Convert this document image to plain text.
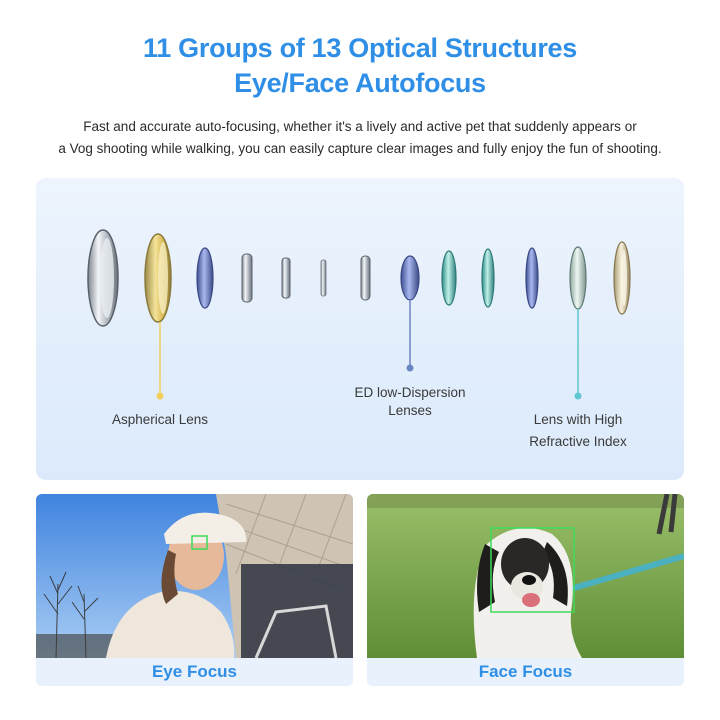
11 Groups of 13 Optical Structures
Eye/Face Autofocus
Fast and accurate auto-focusing, whether it's a lively and active pet that suddenly appears or
a Vog shooting while walking, you can easily capture clear images and fully enjoy the fun of shooting.
Aspherical Lens
ED low-Dispersion
Lenses
Lens with High
Refractive Index
Eye Focus	Face Focus
